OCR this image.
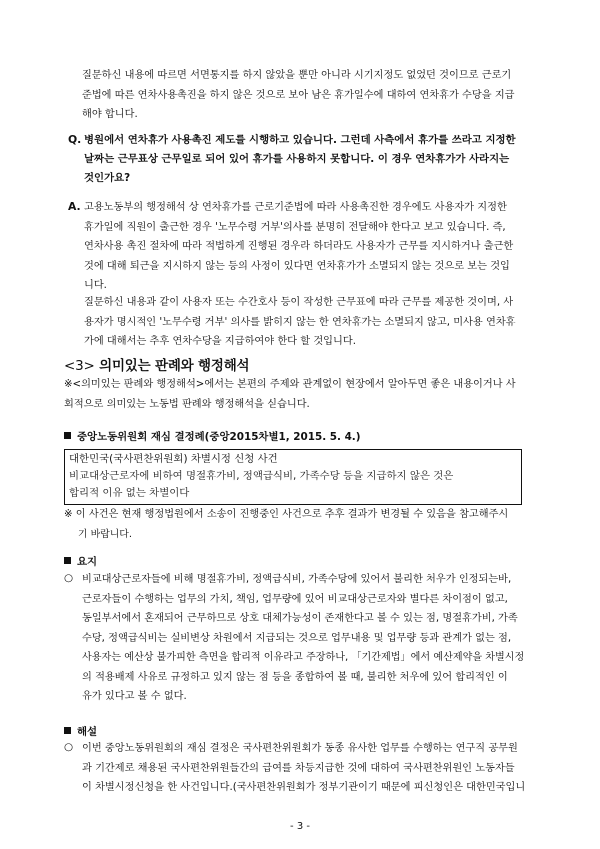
질문하신 내용에 따르면 서면통지를 하지 않았을 뿐만 아니라 시기지정도 없었던 것이므로 근로기
준법에 따른 연차사용촉진을 하지 않은 것으로 보아 남은 휴가일수에 대하여 연차휴가 수당을 지급
해야 합니다.
Q. 병원에서 연차휴가 사용촉진 제도를 시행하고 있습니다. 그런데 사측에서 휴가를 쓰라고 지정한
날짜는 근무표상 근무일로 되어 있어 휴가를 사용하지 못합니다. 이 경우 연차휴가가 사라지는
것인가요?
A. 고용노동부의 행정해석 상 연차휴가를 근로기준법에 따라 사용촉진한 경우에도 사용자가 지정한
휴가일에 직원이 출근한 경우 '노무수령 거부'의사를 분명히 전달해야 한다고 보고 있습니다. 즉,
연차사용 촉진 절차에 따라 적법하게 진행된 경우라 하더라도 사용자가 근무를 지시하거나 출근한
것에 대해 퇴근을 지시하지 않는 등의 사정이 있다면 연차휴가가 소멸되지 않는 것으로 보는 것입
니다.
질문하신 내용과 같이 사용자 또는 수간호사 등이 작성한 근무표에 따라 근무를 제공한 것이며, 사
용자가 명시적인 '노무수령 거부' 의사를 밝히지 않는 한 연차휴가는 소멸되지 않고, 미사용 연차휴
가에 대해서는 추후 연차수당을 지급하여야 한다 할 것입니다.
<3> 의미있는 판례와 행정해석
※<의미있는 판례와 행정해석>에서는 본편의 주제와 관계없이 현장에서 알아두면 좋은 내용이거나 사
회적으로 의미있는 노동법 판례와 행정해석을 싣습니다.
중앙노동위원회 재심 결정례(중앙2015차별1, 2015. 5. 4.)
대한민국(국사편찬위원회) 차별시정 신청 사건
비교대상근로자에 비하여 명절휴가비, 정액급식비, 가족수당 등을 지급하지 않은 것은
합리적 이유 없는 차별이다
※ 이 사건은 현재 행정법원에서 소송이 진행중인 사건으로 추후 결과가 변경될 수 있음을 참고해주시
기 바랍니다.
요지
○ 비교대상근로자들에 비해 명절휴가비, 정액급식비, 가족수당에 있어서 불리한 처우가 인정되는바,
근로자들이 수행하는 업무의 가치, 책임, 업무량에 있어 비교대상근로자와 별다른 차이점이 없고,
동일부서에서 혼재되어 근무하므로 상호 대체가능성이 존재한다고 볼 수 있는 점, 명절휴가비, 가족
수당, 정액급식비는 실비변상 차원에서 지급되는 것으로 업무내용 및 업무량 등과 관계가 없는 점,
사용자는 예산상 불가피한 측면을 합리적 이유라고 주장하나, 「기간제법」에서 예산제약을 차별시정
의 적용배제 사유로 규정하고 있지 않는 점 등을 종합하여 볼 때, 불리한 처우에 있어 합리적인 이
유가 있다고 볼 수 없다.
해설
○ 이번 중앙노동위원회의 재심 결정은 국사편찬위원회가 동종 유사한 업무를 수행하는 연구직 공무원
과 기간제로 채용된 국사편찬위원들간의 급여를 차등지급한 것에 대하여 국사편찬위원인 노동자들
이 차별시정신청을 한 사건입니다.(국사편찬위원회가 정부기관이기 때문에 피신청인은 대한민국입니
- 3 -
